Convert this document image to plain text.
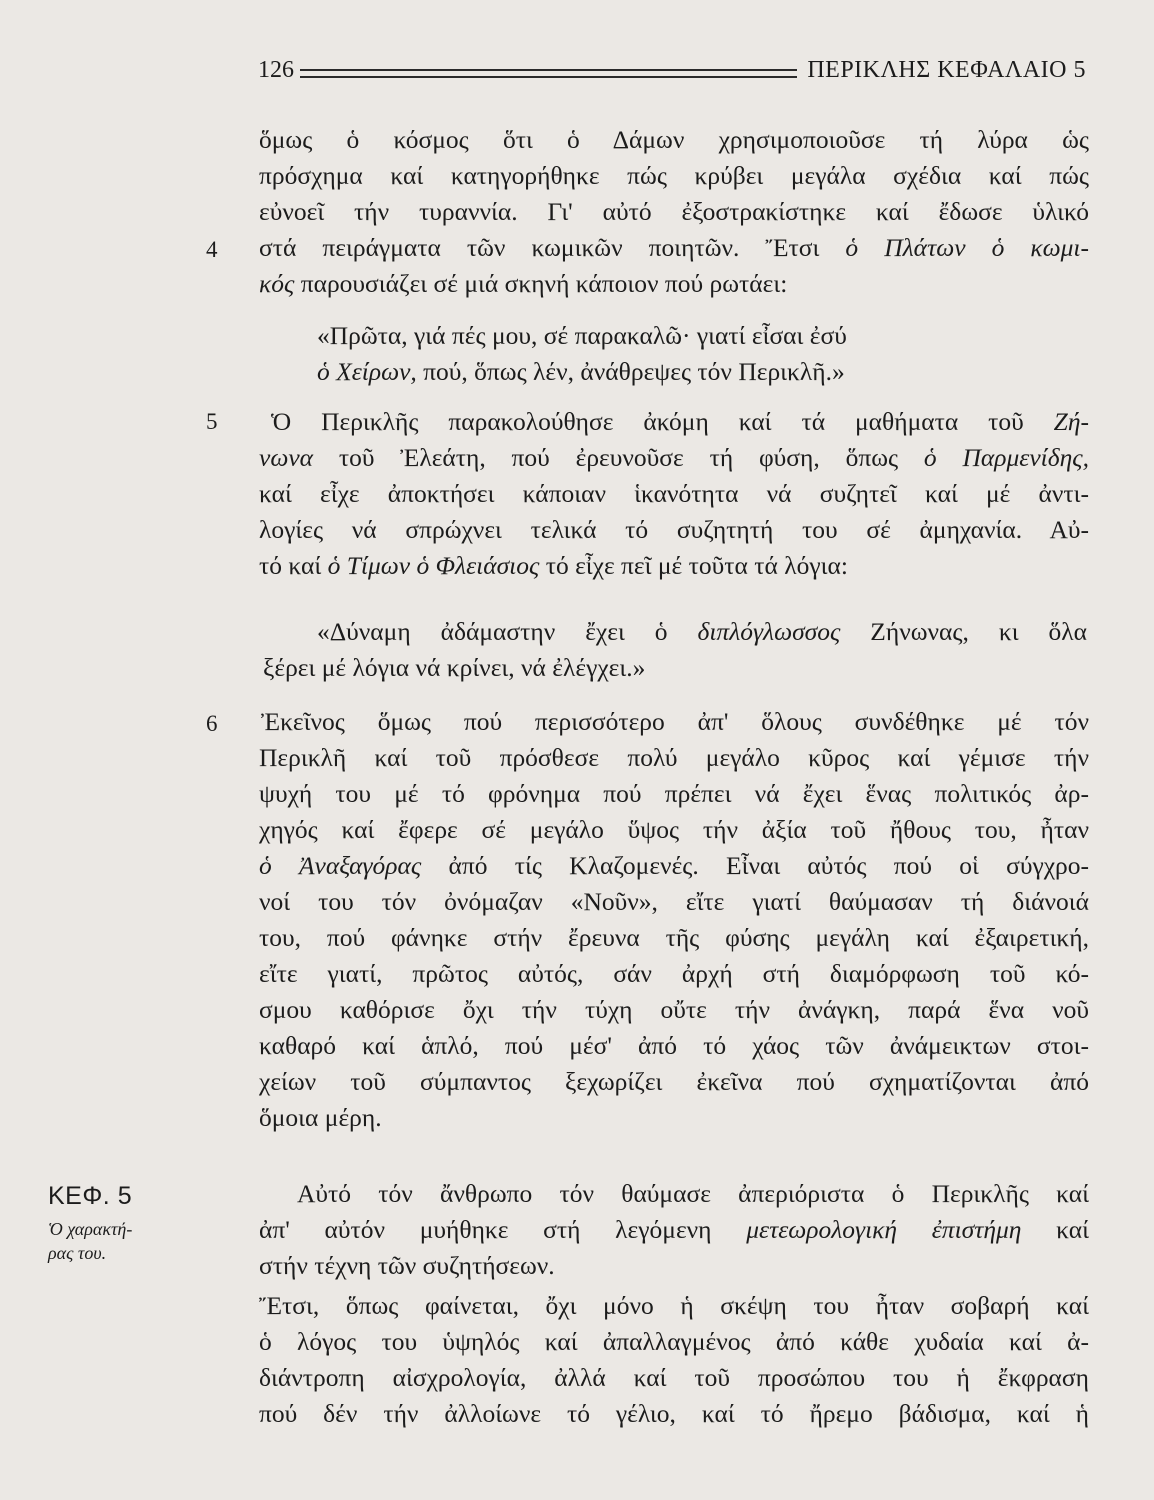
126	ΠΕΡΙΚΛΗΣ ΚΕΦΑΛΑΙΟ 5
4
5
6
ΚΕΦ. 5
Ὁ χαρακτή-
ρας του.
ὅμως ὁ κόσμος ὅτι ὁ Δάμων χρησιμοποιοῦσε τή λύρα ὡς
πρόσχημα καί κατηγορήθηκε πώς κρύβει μεγάλα σχέδια καί πώς
εὐνοεῖ τήν τυραννία. Γι' αὐτό ἐξοστρακίστηκε καί ἔδωσε ὑλικό
στά πειράγματα τῶν κωμικῶν ποιητῶν. Ἔτσι ὁ Πλάτων ὁ κωμι-
κός παρουσιάζει σέ μιά σκηνή κάποιον πού ρωτάει:
«Πρῶτα, γιά πές μου, σέ παρακαλῶ· γιατί εἶσαι ἐσύ
ὁ Χείρων, πού, ὅπως λέν, ἀνάθρεψες τόν Περικλῆ.»
Ὁ Περικλῆς παρακολούθησε ἀκόμη καί τά μαθήματα τοῦ Ζή-
νωνα τοῦ Ἐλεάτη, πού ἐρευνοῦσε τή φύση, ὅπως ὁ Παρμενίδης,
καί εἶχε ἀποκτήσει κάποιαν ἱκανότητα νά συζητεῖ καί μέ ἀντι-
λογίες νά σπρώχνει τελικά τό συζητητή του σέ ἀμηχανία. Αὐ-
τό καί ὁ Τίμων ὁ Φλειάσιος τό εἶχε πεῖ μέ τοῦτα τά λόγια:
«Δύναμη ἀδάμαστην ἔχει ὁ διπλόγλωσσος Ζήνωνας, κι ὅλα
ξέρει μέ λόγια νά κρίνει, νά ἐλέγχει.»
Ἐκεῖνος ὅμως πού περισσότερο ἀπ' ὅλους συνδέθηκε μέ τόν
Περικλῆ καί τοῦ πρόσθεσε πολύ μεγάλο κῦρος καί γέμισε τήν
ψυχή του μέ τό φρόνημα πού πρέπει νά ἔχει ἕνας πολιτικός ἀρ-
χηγός καί ἔφερε σέ μεγάλο ὕψος τήν ἀξία τοῦ ἤθους του, ἦταν
ὁ Ἀναξαγόρας ἀπό τίς Κλαζομενές. Εἶναι αὐτός πού οἱ σύγχρο-
νοί του τόν ὀνόμαζαν «Νοῦν», εἴτε γιατί θαύμασαν τή διάνοιά
του, πού φάνηκε στήν ἔρευνα τῆς φύσης μεγάλη καί ἐξαιρετική,
εἴτε γιατί, πρῶτος αὐτός, σάν ἀρχή στή διαμόρφωση τοῦ κό-
σμου καθόρισε ὄχι τήν τύχη οὔτε τήν ἀνάγκη, παρά ἕνα νοῦ
καθαρό καί ἁπλό, πού μέσ' ἀπό τό χάος τῶν ἀνάμεικτων στοι-
χείων τοῦ σύμπαντος ξεχωρίζει ἐκεῖνα πού σχηματίζονται ἀπό
ὅμοια μέρη.
Αὐτό τόν ἄνθρωπο τόν θαύμασε ἀπεριόριστα ὁ Περικλῆς καί
ἀπ' αὐτόν μυήθηκε στή λεγόμενη μετεωρολογική ἐπιστήμη καί
στήν τέχνη τῶν συζητήσεων.
Ἔτσι, ὅπως φαίνεται, ὄχι μόνο ἡ σκέψη του ἦταν σοβαρή καί
ὁ λόγος του ὑψηλός καί ἀπαλλαγμένος ἀπό κάθε χυδαία καί ἀ-
διάντροπη αἰσχρολογία, ἀλλά καί τοῦ προσώπου του ἡ ἔκφραση
πού δέν τήν ἀλλοίωνε τό γέλιο, καί τό ἤρεμο βάδισμα, καί ἡ
